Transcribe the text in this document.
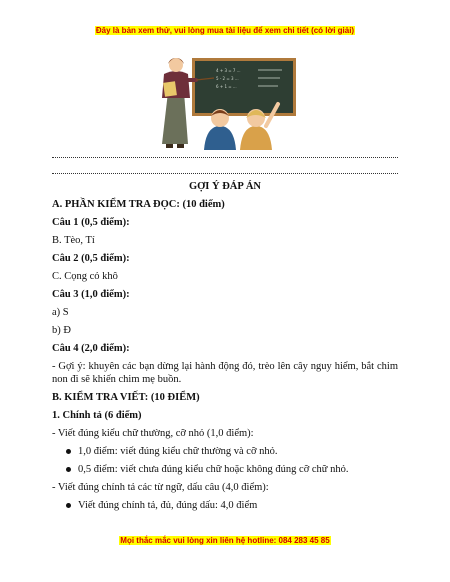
Đây là bản xem thử, vui lòng mua tài liệu để xem chi tiết (có lời giải)
4 + 3 = 7 ...
5 - 2 = 3 ...
6 + 1 = ...

GỢI Ý ĐÁP ÁN

A. PHẦN KIỂM TRA ĐỌC: (10 điểm)

Câu 1 (0,5 điểm):

B. Tèo, Tí

Câu 2 (0,5 điểm):

C. Cọng cỏ khô

Câu 3 (1,0 điểm):

a) S

b) Đ

Câu 4 (2,0 điểm):

- Gợi ý: khuyên các bạn dừng lại hành động đó, trèo lên cây nguy hiểm, bắt chim non đi sẽ khiến chim mẹ buồn.

B. KIỂM TRA VIẾT: (10 ĐIỂM)

1. Chính tả (6 điểm)

- Viết đúng kiểu chữ thường, cỡ nhỏ (1,0 điểm):

1,0 điểm: viết đúng kiểu chữ thường và cỡ nhỏ.

0,5 điểm: viết chưa đúng kiểu chữ hoặc không đúng cỡ chữ nhỏ.

- Viết đúng chính tả các từ ngữ, dấu câu (4,0 điểm):

Viết đúng chính tả, đủ, đúng dấu: 4,0 điểm

Mọi thắc mắc vui lòng xin liên hệ hotline: 084 283 45 85
